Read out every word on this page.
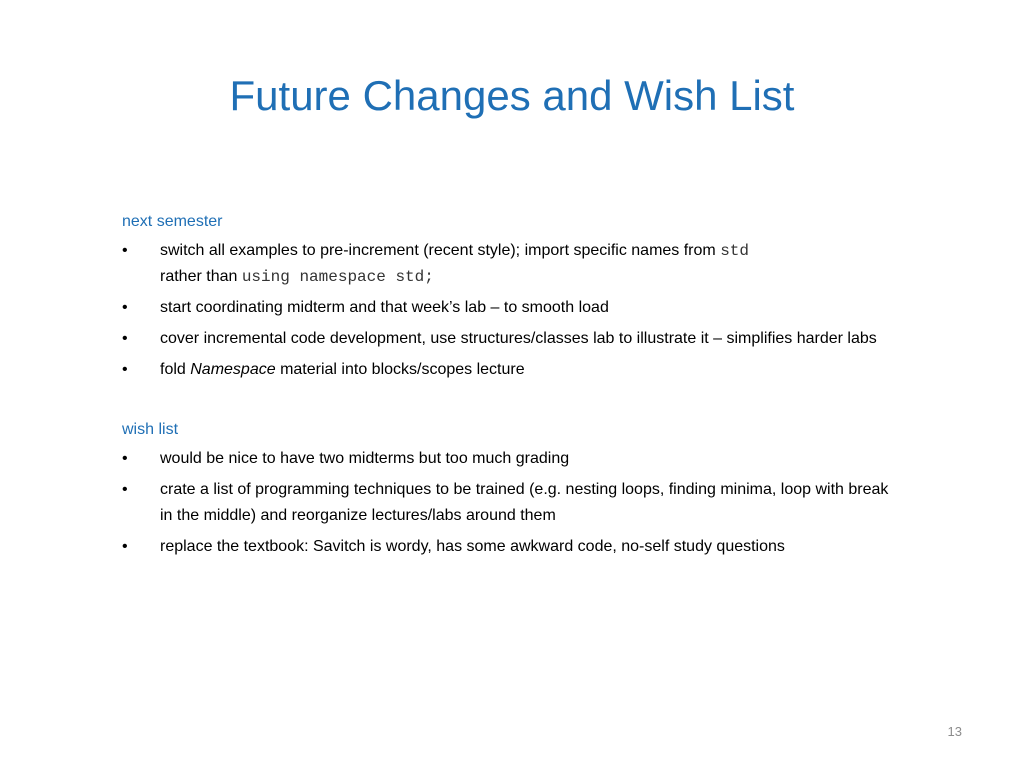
Future Changes and Wish List
next semester
• switch all examples to pre-increment (recent style); import specific names from std
rather than using namespace std;
• start coordinating midterm and that week’s lab – to smooth load
• cover incremental code development, use structures/classes lab to illustrate it – simplifies harder labs
• fold Namespace material into blocks/scopes lecture
wish list
• would be nice to have two midterms but too much grading
• crate a list of programming techniques to be trained (e.g. nesting loops, finding minima, loop with break in the middle) and reorganize lectures/labs around them
• replace the textbook: Savitch is wordy, has some awkward code, no-self study questions
13
